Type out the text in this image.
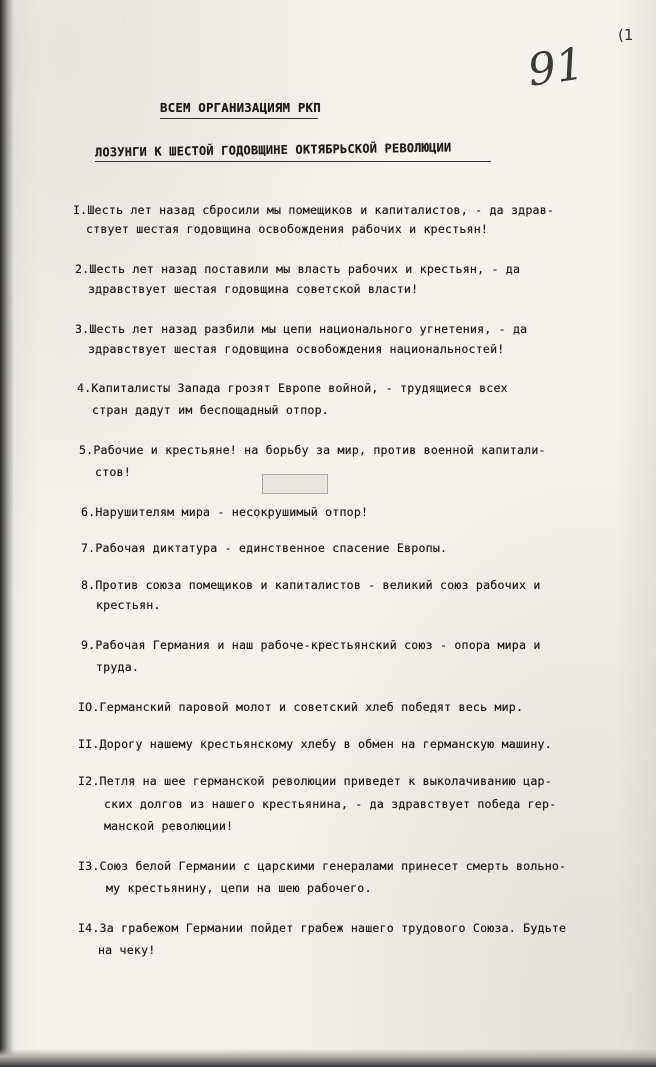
(1
91
ВСЕМ ОРГАНИЗАЦИЯМ РКП
ЛОЗУНГИ К ШЕСТОЙ ГОДОВЩИНЕ ОКТЯБРЬСКОЙ РЕВОЛЮЦИИ
I.Шесть лет назад сбросили мы помещиков и капиталистов, - да здрав-
ствует шестая годовщина освобождения рабочих и крестьян!
2.Шесть лет назад поставили мы власть рабочих и крестьян, - да
здравствует шестая годовщина советской власти!
3.Шесть лет назад разбили мы цепи национального угнетения, - да
здравствует шестая годовщина освобождения национальностей!
4.Капиталисты Запада грозят Европе войной, - трудящиеся всех
стран дадут им беспощадный отпор.
5.Рабочие и крестьяне! на борьбу за мир, против военной капитали-
стов!
6.Нарушителям мира - несокрушимый отпор!
7.Рабочая диктатура - единственное спасение Европы.
8.Против союза помещиков и капиталистов - великий союз рабочих и
крестьян.
9.Рабочая Германия и наш рабоче-крестьянский союз - опора мира и
труда.
IO.Германский паровой молот и советский хлеб победят весь мир.
II.Дорогу нашему крестьянскому хлебу в обмен на германскую машину.
I2.Петля на шее германской революции приведет к выколачиванию цар-
ских долгов из нашего крестьянина, - да здравствует победа гер-
манской революции!
I3.Союз белой Германии с царскими генералами принесет смерть вольно-
му крестьянину, цепи на шею рабочего.
I4.За грабежом Германии пойдет грабеж нашего трудового Союза. Будьте
на чеку!
